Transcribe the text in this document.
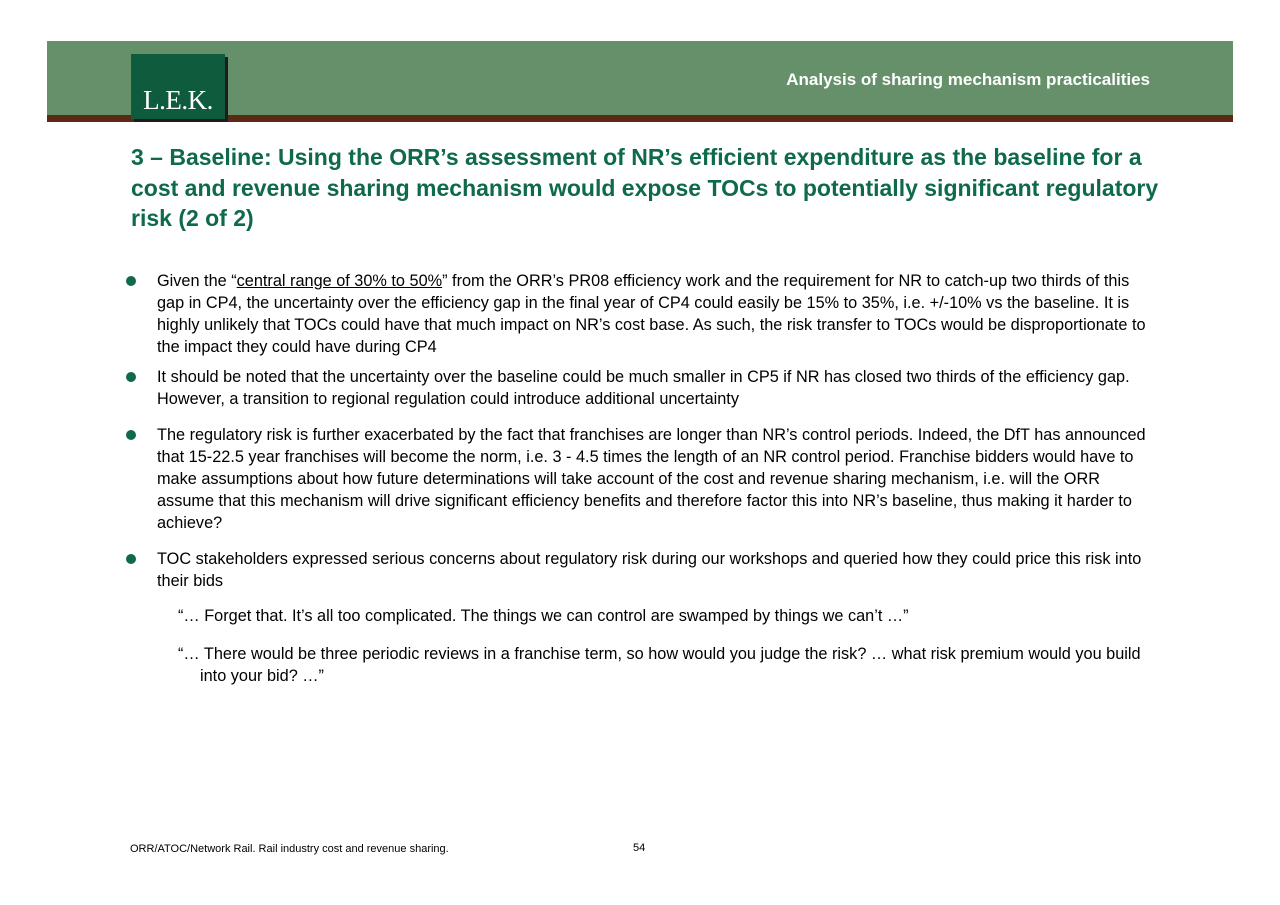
L.E.K.
Analysis of sharing mechanism practicalities
3 – Baseline: Using the ORR’s assessment of NR’s efficient expenditure as the baseline for a cost and revenue sharing mechanism would expose TOCs to potentially significant regulatory risk (2 of 2)
Given the “central range of 30% to 50%” from the ORR’s PR08 efficiency work and the requirement for NR to catch-up two thirds of this gap in CP4, the uncertainty over the efficiency gap in the final year of CP4 could easily be 15% to 35%, i.e. +/-10% vs the baseline. It is highly unlikely that TOCs could have that much impact on NR’s cost base. As such, the risk transfer to TOCs would be disproportionate to the impact they could have during CP4
It should be noted that the uncertainty over the baseline could be much smaller in CP5 if NR has closed two thirds of the efficiency gap. However, a transition to regional regulation could introduce additional uncertainty
The regulatory risk is further exacerbated by the fact that franchises are longer than NR’s control periods. Indeed, the DfT has announced that 15-22.5 year franchises will become the norm, i.e. 3 - 4.5 times the length of an NR control period. Franchise bidders would have to make assumptions about how future determinations will take account of the cost and revenue sharing mechanism, i.e. will the ORR assume that this mechanism will drive significant efficiency benefits and therefore factor this into NR’s baseline, thus making it harder to achieve?
TOC stakeholders expressed serious concerns about regulatory risk during our workshops and queried how they could price this risk into their bids
“… Forget that. It’s all too complicated. The things we can control are swamped by things we can’t …”
“… There would be three periodic reviews in a franchise term, so how would you judge the risk? … what risk premium would you build into your bid? …”
ORR/ATOC/Network Rail. Rail industry cost and revenue sharing.	54
